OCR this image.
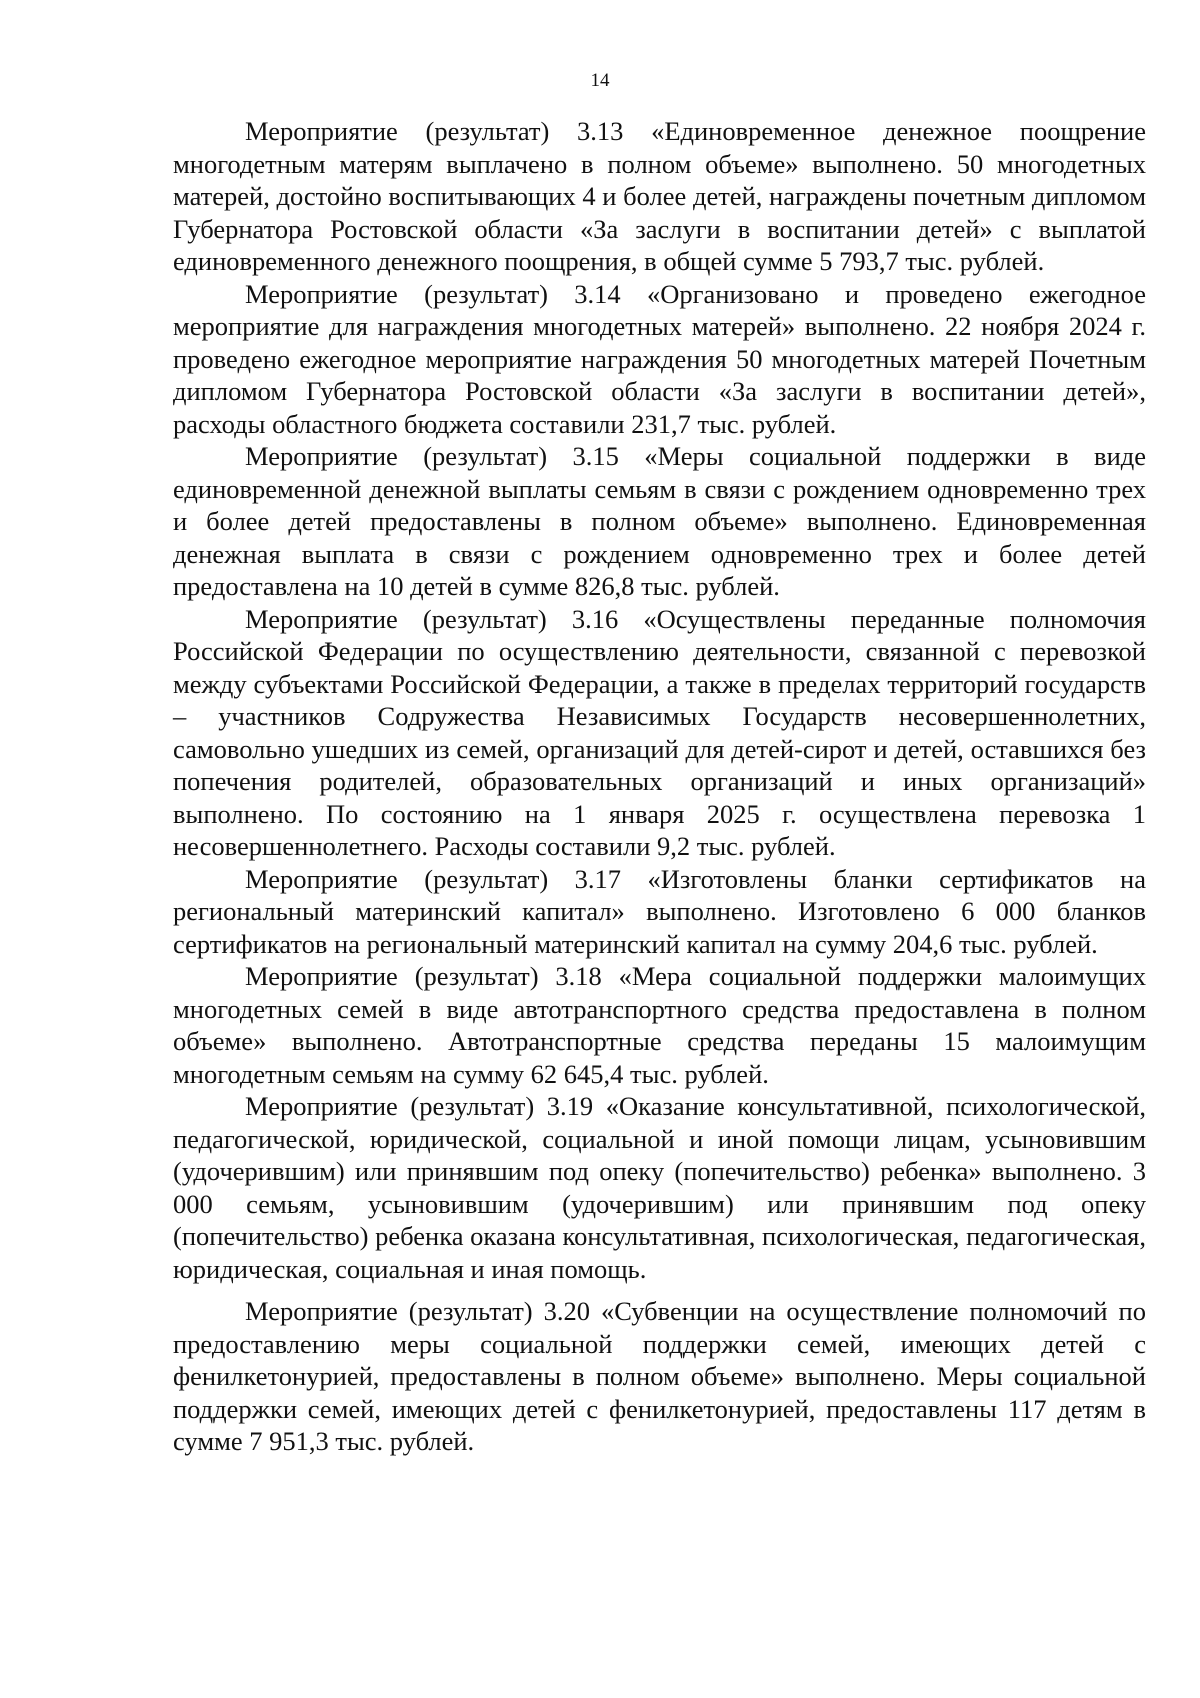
14

Мероприятие (результат) 3.13 «Единовременное денежное поощрение многодетным матерям выплачено в полном объеме» выполнено. 50 многодетных матерей, достойно воспитывающих 4 и более детей, награждены почетным дипломом Губернатора Ростовской области «За заслуги в воспитании детей» с выплатой единовременного денежного поощрения, в общей сумме 5 793,7 тыс. рублей.

Мероприятие (результат) 3.14 «Организовано и проведено ежегодное мероприятие для награждения многодетных матерей» выполнено. 22 ноября 2024 г. проведено ежегодное мероприятие награждения 50 многодетных матерей Почетным дипломом Губернатора Ростовской области «За заслуги в воспитании детей», расходы областного бюджета составили 231,7 тыс. рублей.

Мероприятие (результат) 3.15 «Меры социальной поддержки в виде единовременной денежной выплаты семьям в связи с рождением одновременно трех и более детей предоставлены в полном объеме» выполнено. Единовременная денежная выплата в связи с рождением одновременно трех и более детей предоставлена на 10 детей в сумме 826,8 тыс. рублей.

Мероприятие (результат) 3.16 «Осуществлены переданные полномочия Российской Федерации по осуществлению деятельности, связанной с перевозкой между субъектами Российской Федерации, а также в пределах территорий государств – участников Содружества Независимых Государств несовершеннолетних, самовольно ушедших из семей, организаций для детей-сирот и детей, оставшихся без попечения родителей, образовательных организаций и иных организаций» выполнено. По состоянию на 1 января 2025 г. осуществлена перевозка 1 несовершеннолетнего. Расходы составили 9,2 тыс. рублей.

Мероприятие (результат) 3.17 «Изготовлены бланки сертификатов на региональный материнский капитал» выполнено. Изготовлено 6 000 бланков сертификатов на региональный материнский капитал на сумму 204,6 тыс. рублей.

Мероприятие (результат) 3.18 «Мера социальной поддержки малоимущих многодетных семей в виде автотранспортного средства предоставлена в полном объеме» выполнено. Автотранспортные средства переданы 15 малоимущим многодетным семьям на сумму 62 645,4 тыс. рублей.

Мероприятие (результат) 3.19 «Оказание консультативной, психологической, педагогической, юридической, социальной и иной помощи лицам, усыновившим (удочерившим) или принявшим под опеку (попечительство) ребенка» выполнено. 3 000 семьям, усыновившим (удочерившим) или принявшим под опеку (попечительство) ребенка оказана консультативная, психологическая, педагогическая, юридическая, социальная и иная помощь.

Мероприятие (результат) 3.20 «Субвенции на осуществление полномочий по предоставлению меры социальной поддержки семей, имеющих детей с фенилкетонурией, предоставлены в полном объеме» выполнено. Меры социальной поддержки семей, имеющих детей с фенилкетонурией, предоставлены 117 детям в сумме 7 951,3 тыс. рублей.
